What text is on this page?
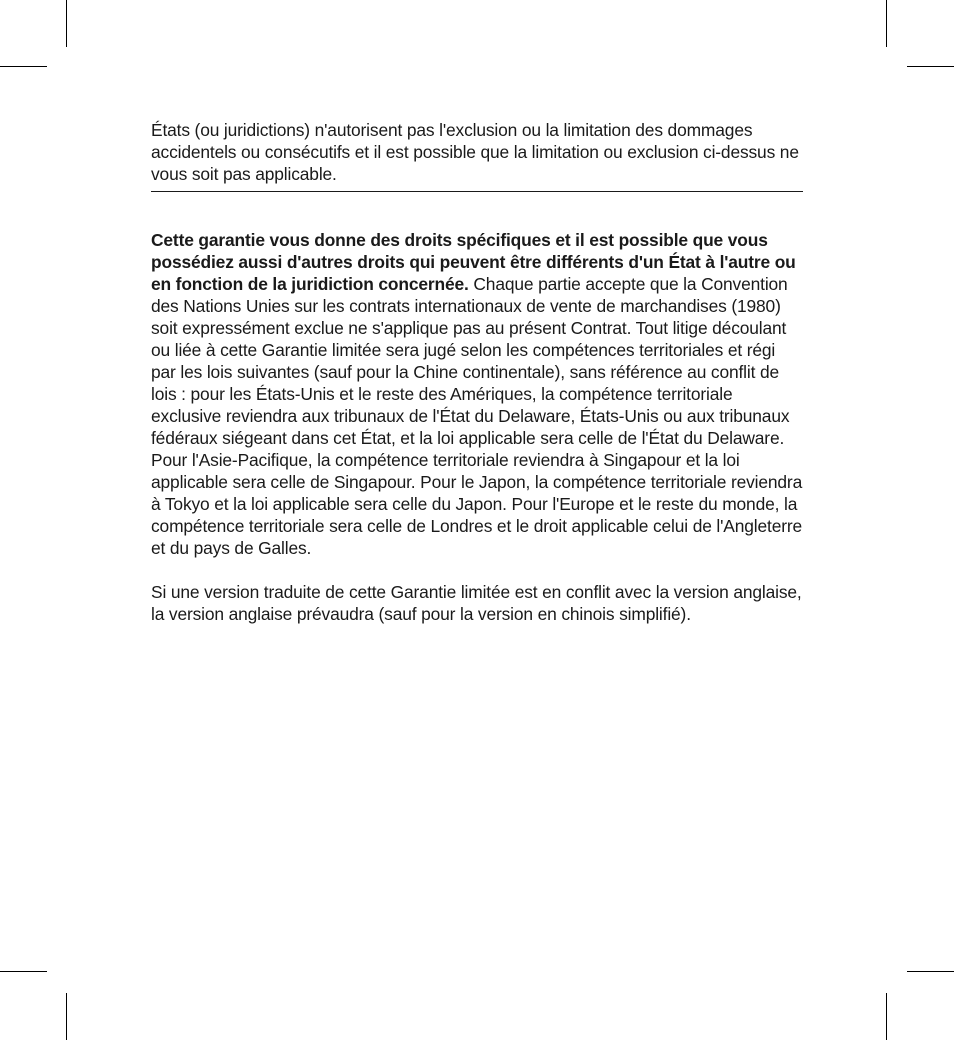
États (ou juridictions) n'autorisent pas l'exclusion ou la limitation des dommages accidentels ou consécutifs et il est possible que la limitation ou exclusion ci-dessus ne vous soit pas applicable.

Cette garantie vous donne des droits spécifiques et il est possible que vous possédiez aussi d'autres droits qui peuvent être différents d'un État à l'autre ou en fonction de la juridiction concernée. Chaque partie accepte que la Convention des Nations Unies sur les contrats internationaux de vente de marchandises (1980) soit expressément exclue ne s'applique pas au présent Contrat. Tout litige découlant ou liée à cette Garantie limitée sera jugé selon les compétences territoriales et régi par les lois suivantes (sauf pour la Chine continentale), sans référence au conflit de lois : pour les États-Unis et le reste des Amériques, la compétence territoriale exclusive reviendra aux tribunaux de l'État du Delaware, États-Unis ou aux tribunaux fédéraux siégeant dans cet État, et la loi applicable sera celle de l'État du Delaware. Pour l'Asie-Pacifique, la compétence territoriale reviendra à Singapour et la loi applicable sera celle de Singapour. Pour le Japon, la compétence territoriale reviendra à Tokyo et la loi applicable sera celle du Japon. Pour l'Europe et le reste du monde, la compétence territoriale sera celle de Londres et le droit applicable celui de l'Angleterre et du pays de Galles.

Si une version traduite de cette Garantie limitée est en conflit avec la version anglaise, la version anglaise prévaudra (sauf pour la version en chinois simplifié).
